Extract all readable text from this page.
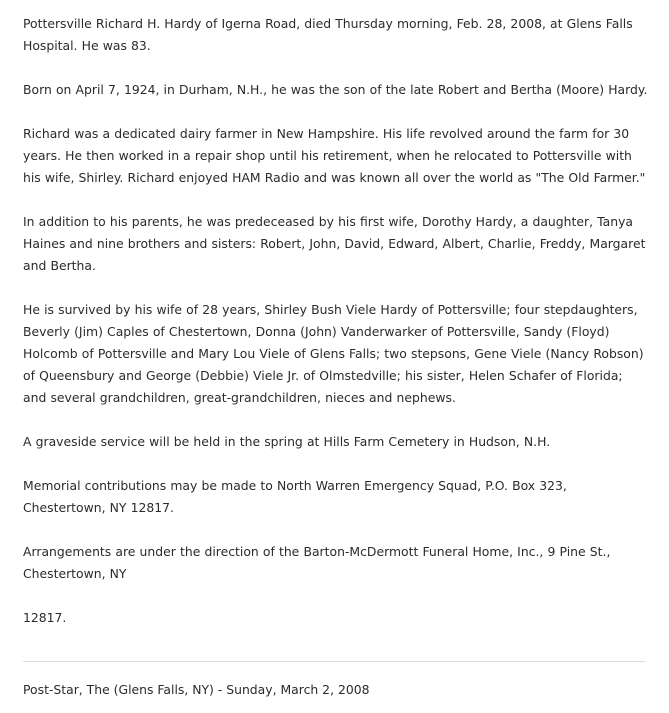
Pottersville Richard H. Hardy of Igerna Road, died Thursday morning, Feb. 28, 2008, at Glens Falls Hospital. He was 83.

Born on April 7, 1924, in Durham, N.H., he was the son of the late Robert and Bertha (Moore) Hardy.

Richard was a dedicated dairy farmer in New Hampshire. His life revolved around the farm for 30 years. He then worked in a repair shop until his retirement, when he relocated to Pottersville with his wife, Shirley. Richard enjoyed HAM Radio and was known all over the world as "The Old Farmer."

In addition to his parents, he was predeceased by his first wife, Dorothy Hardy, a daughter, Tanya Haines and nine brothers and sisters: Robert, John, David, Edward, Albert, Charlie, Freddy, Margaret and Bertha.

He is survived by his wife of 28 years, Shirley Bush Viele Hardy of Pottersville; four stepdaughters, Beverly (Jim) Caples of Chestertown, Donna (John) Vanderwarker of Pottersville, Sandy (Floyd) Holcomb of Pottersville and Mary Lou Viele of Glens Falls; two stepsons, Gene Viele (Nancy Robson) of Queensbury and George (Debbie) Viele Jr. of Olmstedville; his sister, Helen Schafer of Florida; and several grandchildren, great-grandchildren, nieces and nephews.

A graveside service will be held in the spring at Hills Farm Cemetery in Hudson, N.H.

Memorial contributions may be made to North Warren Emergency Squad, P.O. Box 323, Chestertown, NY 12817.

Arrangements are under the direction of the Barton-McDermott Funeral Home, Inc., 9 Pine St., Chestertown, NY

12817.

Post-Star, The (Glens Falls, NY) - Sunday, March 2, 2008
